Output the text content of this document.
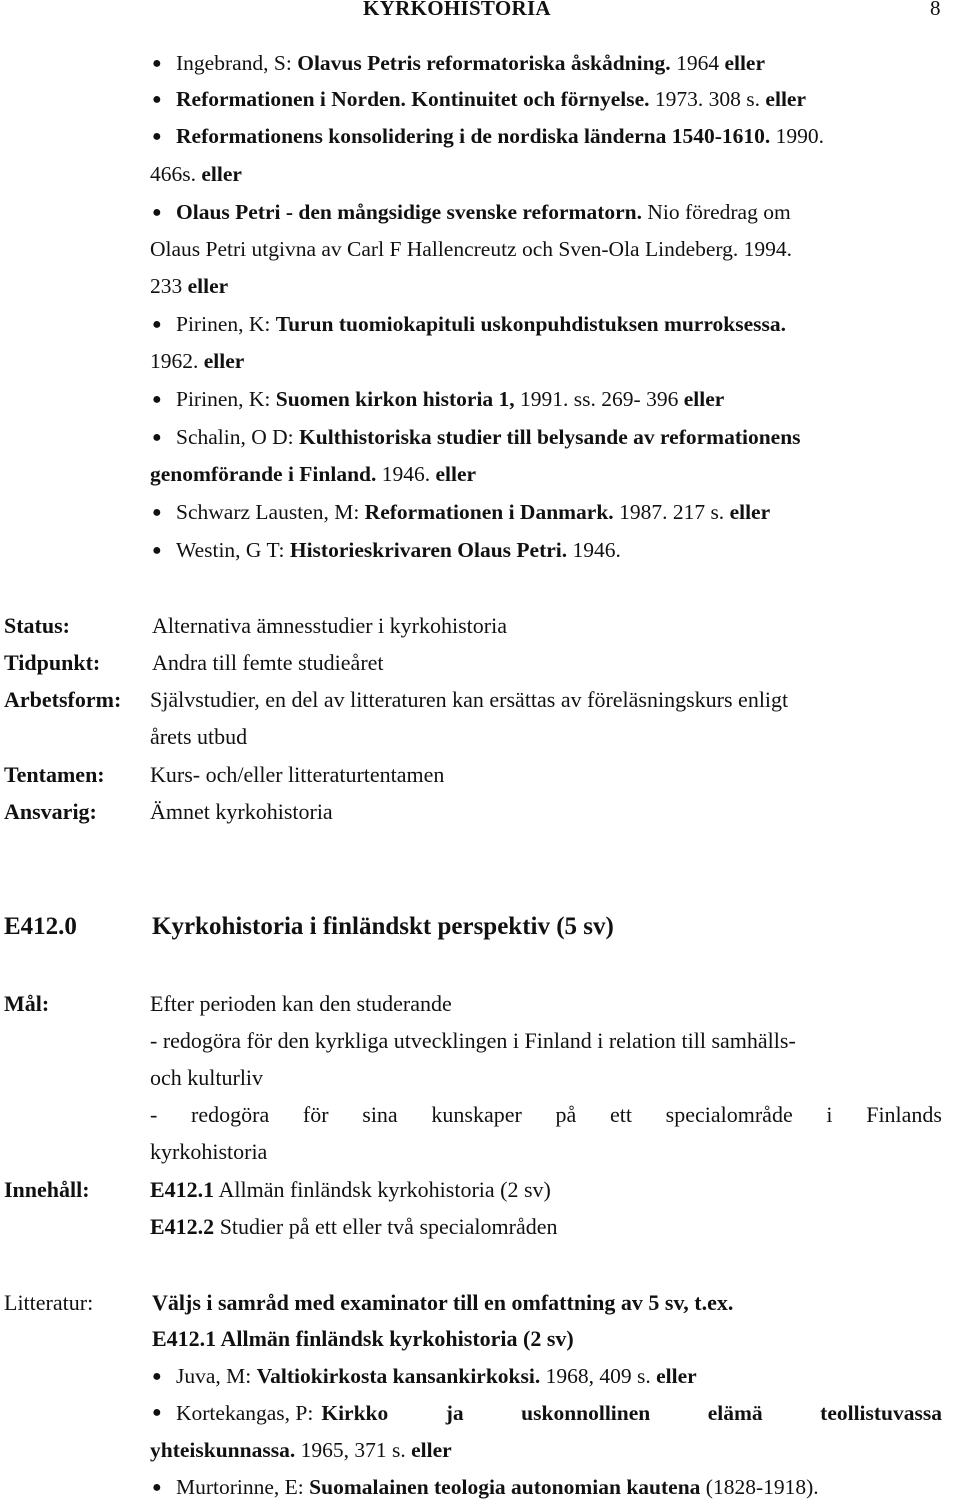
KYRKOHISTORIA	8
● Ingebrand, S: Olavus Petris reformatoriska åskådning. 1964 eller
● Reformationen i Norden. Kontinuitet och förnyelse. 1973. 308 s. eller
● Reformationens konsolidering i de nordiska länderna 1540-1610. 1990.
466s. eller
● Olaus Petri - den mångsidige svenske reformatorn. Nio föredrag om
Olaus Petri utgivna av Carl F Hallencreutz och Sven-Ola Lindeberg. 1994.
233 eller
● Pirinen, K: Turun tuomiokapituli uskonpuhdistuksen murroksessa.
1962. eller
● Pirinen, K: Suomen kirkon historia 1, 1991. ss. 269- 396 eller
● Schalin, O D: Kulthistoriska studier till belysande av reformationens
genomförande i Finland. 1946. eller
● Schwarz Lausten, M: Reformationen i Danmark. 1987. 217 s. eller
● Westin, G T: Historieskrivaren Olaus Petri. 1946.
Status:	Alternativa ämnesstudier i kyrkohistoria
Tidpunkt: Andra till femte studieåret
Arbetsform: Självstudier, en del av litteraturen kan ersättas av föreläsningskurs enligt
årets utbud
Tentamen: Kurs- och/eller litteraturtentamen
Ansvarig: Ämnet kyrkohistoria
E412.0	Kyrkohistoria i finländskt perspektiv (5 sv)
Mål:	Efter perioden kan den studerande
- redogöra för den kyrkliga utvecklingen i Finland i relation till samhälls-
och kulturliv
- redogöra för sina kunskaper på ett specialområde i Finlands
kyrkohistoria
Innehåll:	E412.1 Allmän finländsk kyrkohistoria (2 sv)
E412.2 Studier på ett eller två specialområden
Litteratur:	Väljs i samråd med examinator till en omfattning av 5 sv, t.ex.
E412.1 Allmän finländsk kyrkohistoria (2 sv)
● Juva, M: Valtiokirkosta kansankirkoksi. 1968, 409 s. eller
● Kortekangas, P: Kirkko ja uskonnollinen elämä teollistuvassa
yhteiskunnassa. 1965, 371 s. eller
● Murtorinne, E: Suomalainen teologia autonomian kautena (1828-1918).
